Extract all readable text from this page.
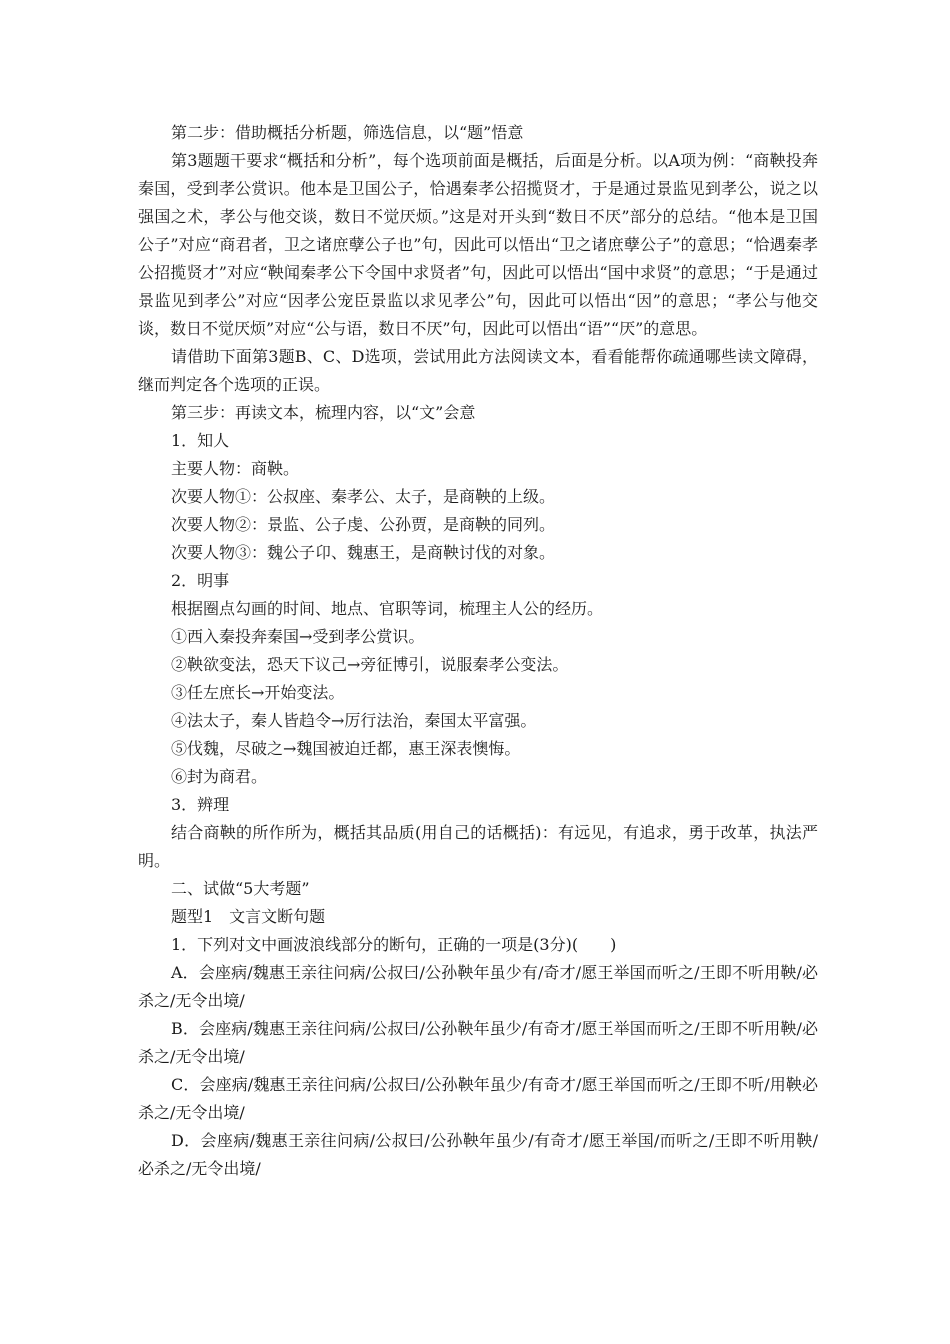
第二步：借助概括分析题，筛选信息，以“题”悟意

第3题题干要求“概括和分析”，每个选项前面是概括，后面是分析。以A项为例：“商鞅投奔秦国，受到孝公赏识。他本是卫国公子，恰遇秦孝公招揽贤才，于是通过景监见到孝公，说之以强国之术，孝公与他交谈，数日不觉厌烦。”这是对开头到“数日不厌”部分的总结。“他本是卫国公子”对应“商君者，卫之诸庶孽公子也”句，因此可以悟出“卫之诸庶孽公子”的意思；“恰遇秦孝公招揽贤才”对应“鞅闻秦孝公下令国中求贤者”句，因此可以悟出“国中求贤”的意思；“于是通过景监见到孝公”对应“因孝公宠臣景监以求见孝公”句，因此可以悟出“因”的意思；“孝公与他交谈，数日不觉厌烦”对应“公与语，数日不厌”句，因此可以悟出“语”“厌”的意思。

请借助下面第3题B、C、D选项，尝试用此方法阅读文本，看看能帮你疏通哪些读文障碍，继而判定各个选项的正误。

第三步：再读文本，梳理内容，以“文”会意

1．知人

主要人物：商鞅。

次要人物①：公叔座、秦孝公、太子，是商鞅的上级。

次要人物②：景监、公子虔、公孙贾，是商鞅的同列。

次要人物③：魏公子卬、魏惠王，是商鞅讨伐的对象。

2．明事

根据圈点勾画的时间、地点、官职等词，梳理主人公的经历。

①西入秦投奔秦国→受到孝公赏识。

②鞅欲变法，恐天下议己→旁征博引，说服秦孝公变法。

③任左庶长→开始变法。

④法太子，秦人皆趋令→厉行法治，秦国太平富强。

⑤伐魏，尽破之→魏国被迫迁都，惠王深表懊悔。

⑥封为商君。

3．辨理

结合商鞅的所作所为，概括其品质(用自己的话概括)：有远见，有追求，勇于改革，执法严明。

二、试做“5大考题”

题型1　文言文断句题

1．下列对文中画波浪线部分的断句，正确的一项是(3分)(　　)

A．会座病/魏惠王亲往问病/公叔曰/公孙鞅年虽少有/奇才/愿王举国而听之/王即不听用鞅/必杀之/无令出境/

B．会座病/魏惠王亲往问病/公叔曰/公孙鞅年虽少/有奇才/愿王举国而听之/王即不听用鞅/必杀之/无令出境/

C．会座病/魏惠王亲往问病/公叔曰/公孙鞅年虽少/有奇才/愿王举国而听之/王即不听/用鞅必杀之/无令出境/

D．会座病/魏惠王亲往问病/公叔曰/公孙鞅年虽少/有奇才/愿王举国/而听之/王即不听用鞅/必杀之/无令出境/
